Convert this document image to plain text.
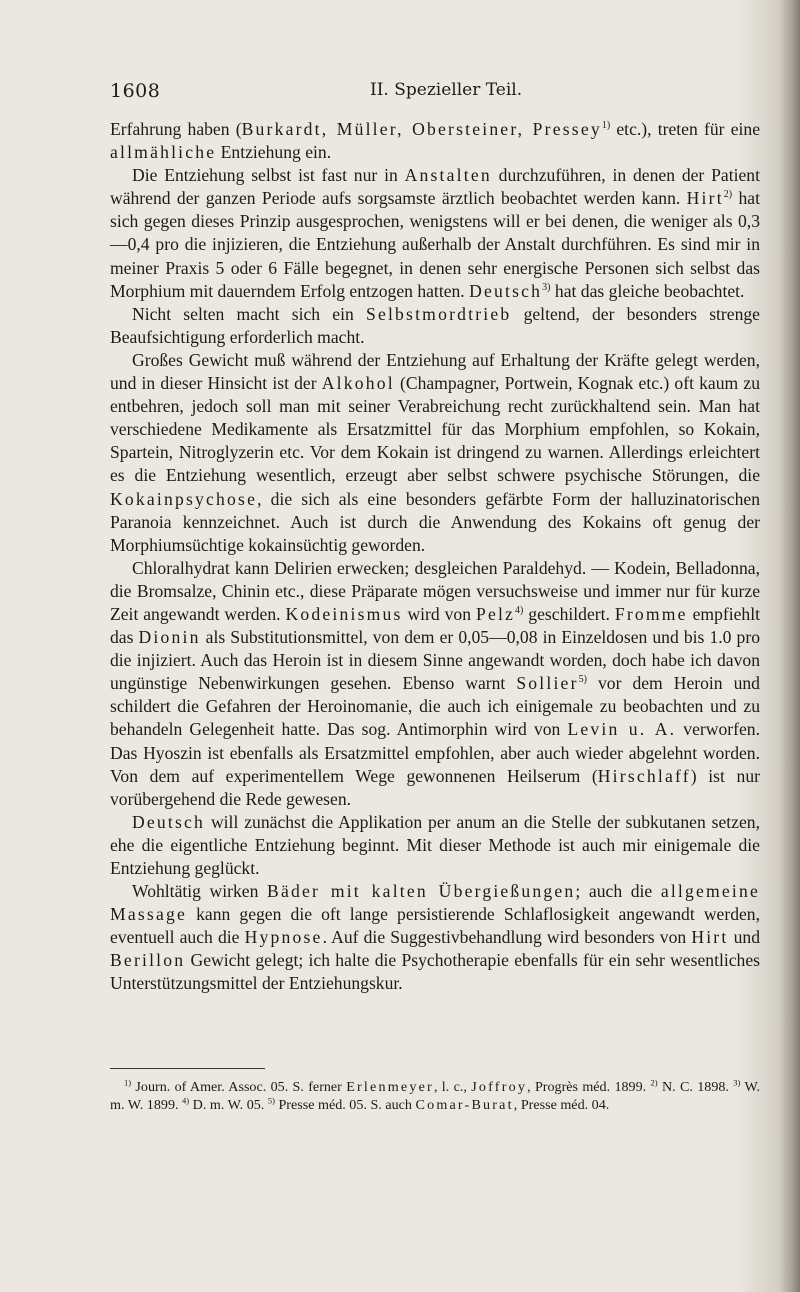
1608	II. Spezieller Teil.

Erfahrung haben (Burkardt, Müller, Obersteiner, Pressey$^{1)}$ etc.), treten für eine allmähliche Entziehung ein.

Die Entziehung selbst ist fast nur in Anstalten durchzuführen, in denen der Patient während der ganzen Periode aufs sorgsamste ärztlich beobachtet werden kann. Hirt$^{2)}$ hat sich gegen dieses Prinzip ausgesprochen, wenigstens will er bei denen, die weniger als 0,3—0,4 pro die injizieren, die Entziehung außerhalb der Anstalt durchführen. Es sind mir in meiner Praxis 5 oder 6 Fälle begegnet, in denen sehr energische Personen sich selbst das Morphium mit dauerndem Erfolg entzogen hatten. Deutsch$^{3)}$ hat das gleiche beobachtet.

Nicht selten macht sich ein Selbstmordtrieb geltend, der besonders strenge Beaufsichtigung erforderlich macht.

Großes Gewicht muß während der Entziehung auf Erhaltung der Kräfte gelegt werden, und in dieser Hinsicht ist der Alkohol (Champagner, Portwein, Kognak etc.) oft kaum zu entbehren, jedoch soll man mit seiner Verabreichung recht zurückhaltend sein. Man hat verschiedene Medikamente als Ersatzmittel für das Morphium empfohlen, so Kokain, Spartein, Nitroglyzerin etc. Vor dem Kokain ist dringend zu warnen. Allerdings erleichtert es die Entziehung wesentlich, erzeugt aber selbst schwere psychische Störungen, die Kokainpsychose, die sich als eine besonders gefärbte Form der halluzinatorischen Paranoia kennzeichnet. Auch ist durch die Anwendung des Kokains oft genug der Morphiumsüchtige kokainsüchtig geworden.

Chloralhydrat kann Delirien erwecken; desgleichen Paraldehyd. — Kodein, Belladonna, die Bromsalze, Chinin etc., diese Präparate mögen versuchsweise und immer nur für kurze Zeit angewandt werden. Kodeinismus wird von Pelz$^{4)}$ geschildert. Fromme empfiehlt das Dionin als Substitutionsmittel, von dem er 0,05—0,08 in Einzeldosen und bis 1.0 pro die injiziert. Auch das Heroin ist in diesem Sinne angewandt worden, doch habe ich davon ungünstige Nebenwirkungen gesehen. Ebenso warnt Sollier$^{5)}$ vor dem Heroin und schildert die Gefahren der Heroinomanie, die auch ich einigemale zu beobachten und zu behandeln Gelegenheit hatte. Das sog. Antimorphin wird von Levin u. A. verworfen. Das Hyoszin ist ebenfalls als Ersatzmittel empfohlen, aber auch wieder abgelehnt worden. Von dem auf experimentellem Wege gewonnenen Heilserum (Hirschlaff) ist nur vorübergehend die Rede gewesen.

Deutsch will zunächst die Applikation per anum an die Stelle der subkutanen setzen, ehe die eigentliche Entziehung beginnt. Mit dieser Methode ist auch mir einigemale die Entziehung geglückt.

Wohltätig wirken Bäder mit kalten Übergießungen; auch die allgemeine Massage kann gegen die oft lange persistierende Schlaflosigkeit angewandt werden, eventuell auch die Hypnose. Auf die Suggestivbehandlung wird besonders von Hirt und Berillon Gewicht gelegt; ich halte die Psychotherapie ebenfalls für ein sehr wesentliches Unterstützungsmittel der Entziehungskur.

$^{1)}$ Journ. of Amer. Assoc. 05. S. ferner Erlenmeyer, l. c., Joffroy, Progrès méd. 1899. $^{2)}$ N. C. 1898. $^{3)}$ W. m. W. 1899. $^{4)}$ D. m. W. 05. $^{5)}$ Presse méd. 05. S. auch Comar-Burat, Presse méd. 04.
